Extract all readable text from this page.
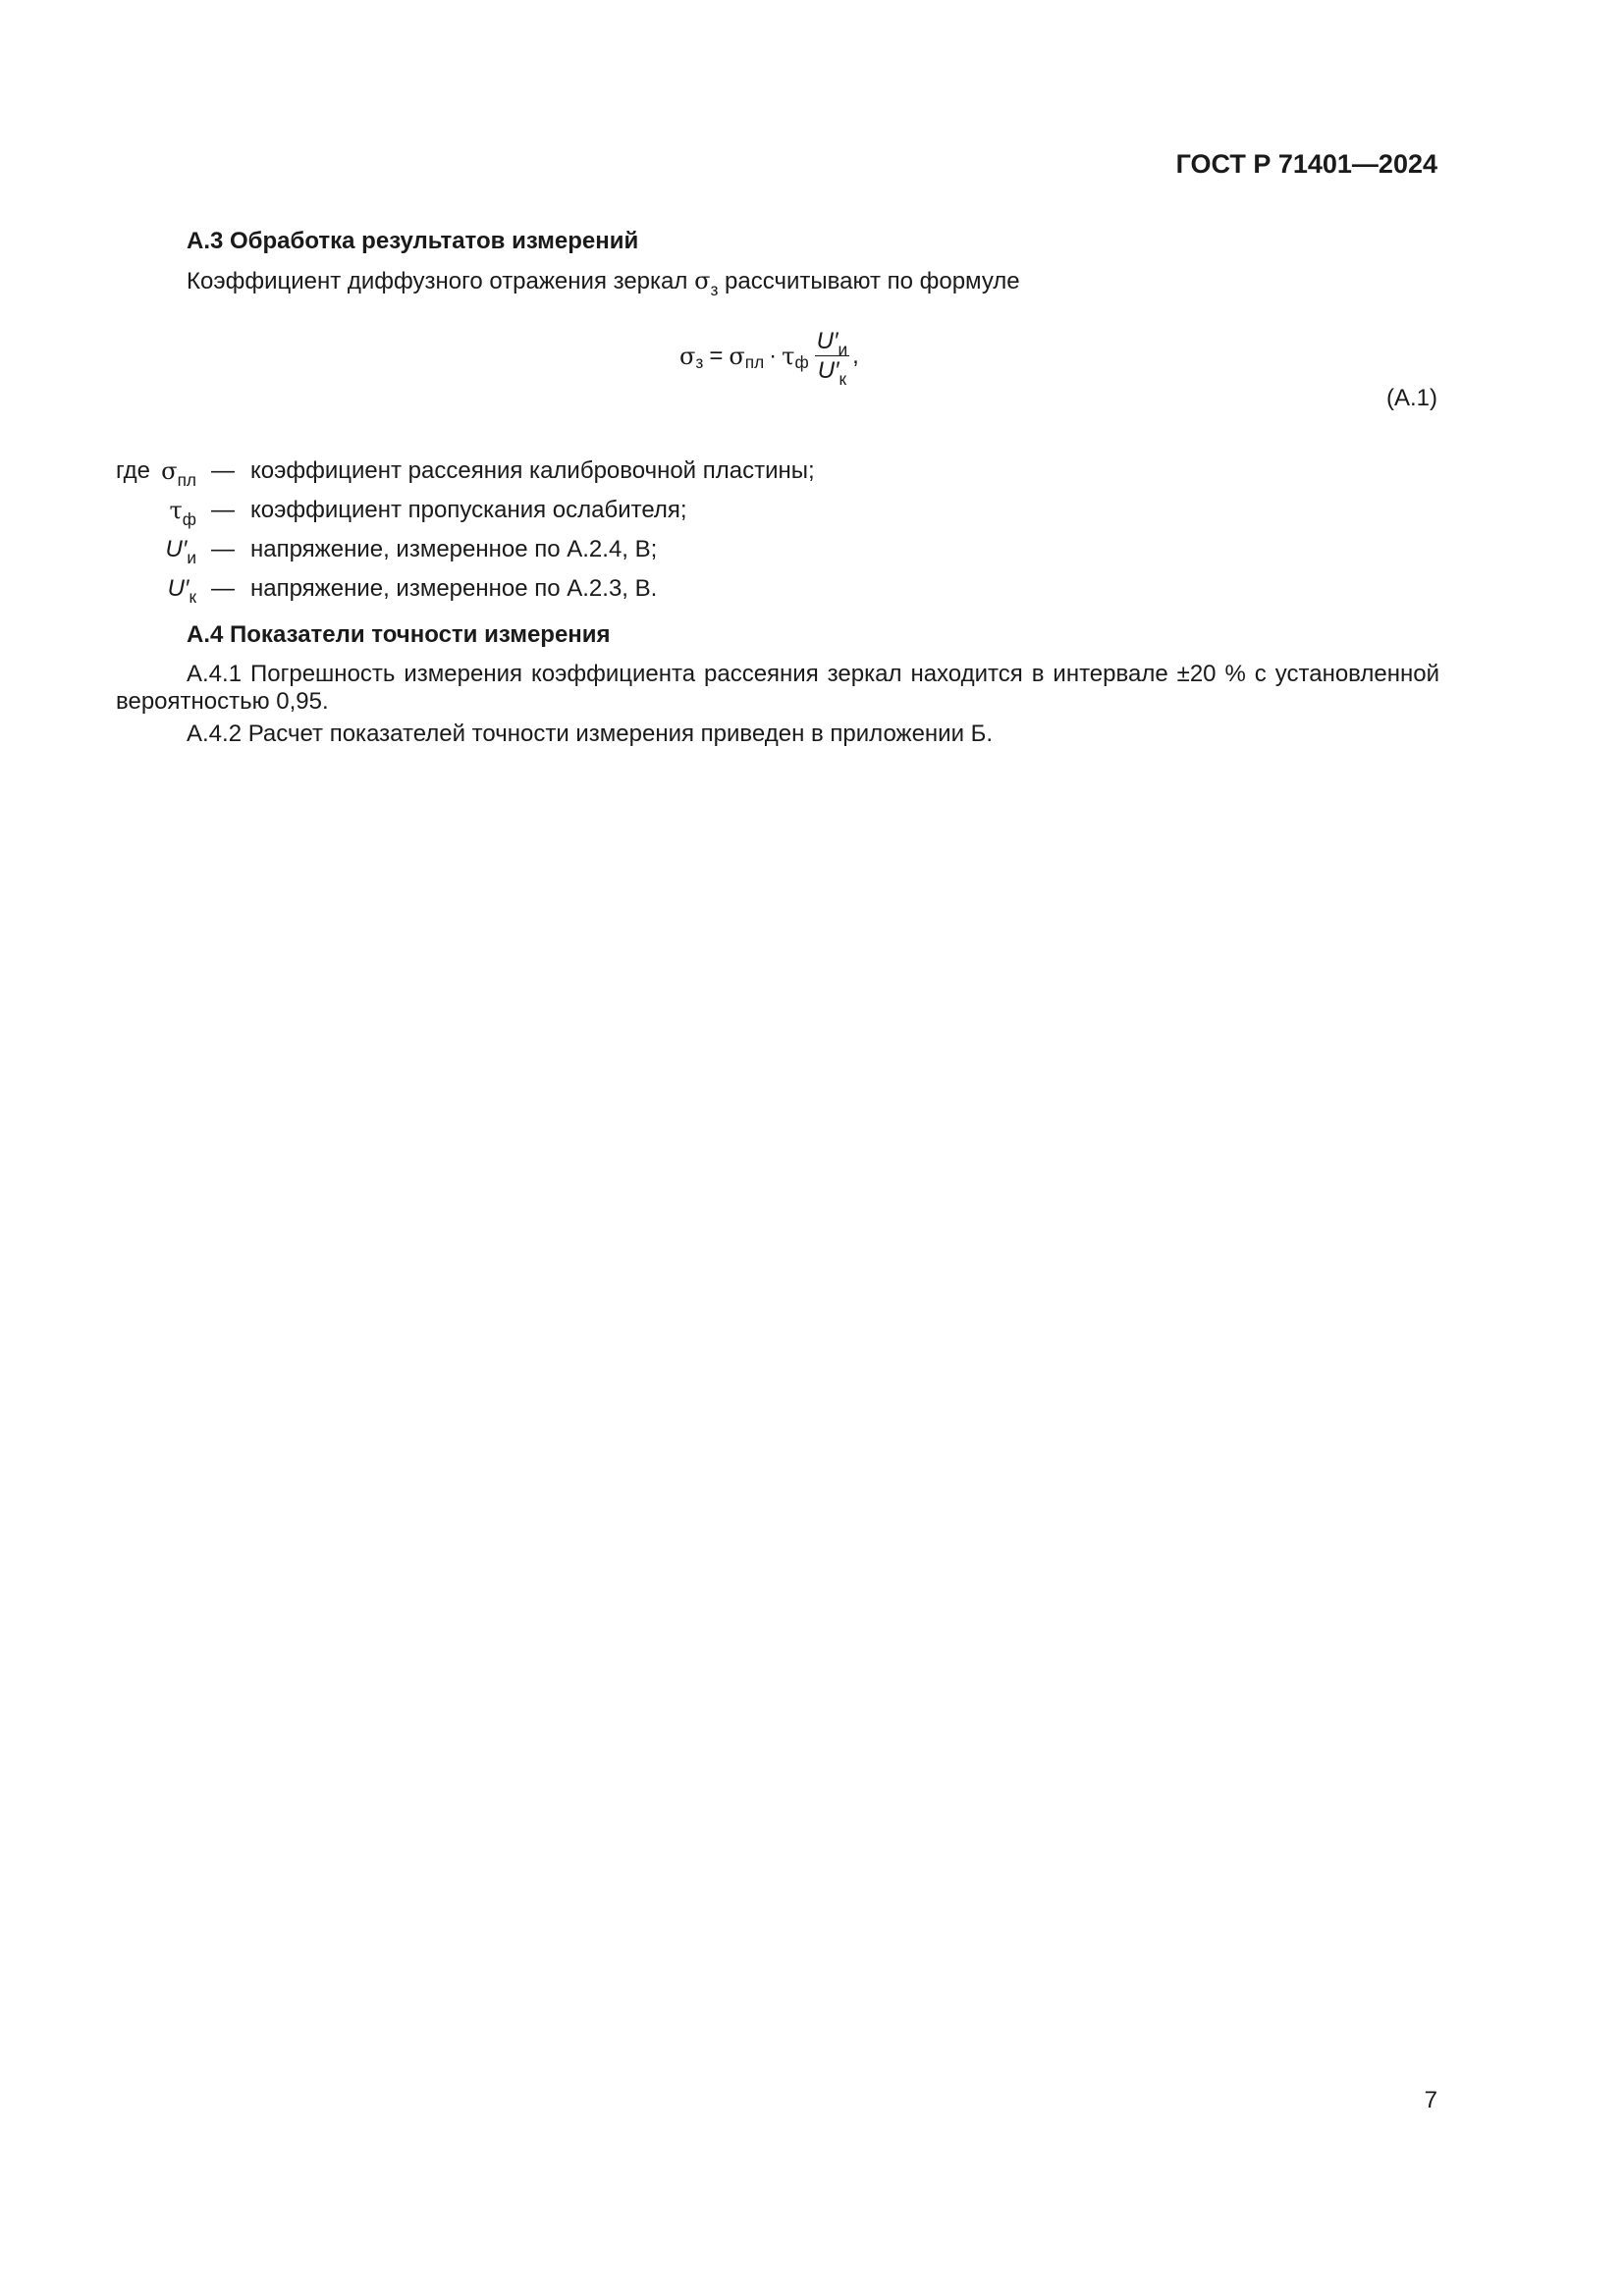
ГОСТ Р 71401—2024
А.3 Обработка результатов измерений
Коэффициент диффузного отражения зеркал $\sigma_з$ рассчитывают по формуле
σ з = σ пл · τ ф $\frac{U'_и}{U'_к}$ ,
(А.1)
где $\sigma_{пл}$ — коэффициент рассеяния калибровочной пластины;
$\tau_ф$ — коэффициент пропускания ослабителя;
$U'_и$ — напряжение, измеренное по А.2.4, В;
$U'_к$ — напряжение, измеренное по А.2.3, В.
А.4 Показатели точности измерения
А.4.1 Погрешность измерения коэффициента рассеяния зеркал находится в интервале ±20 % с установленной вероятностью 0,95.
А.4.2 Расчет показателей точности измерения приведен в приложении Б.
7
